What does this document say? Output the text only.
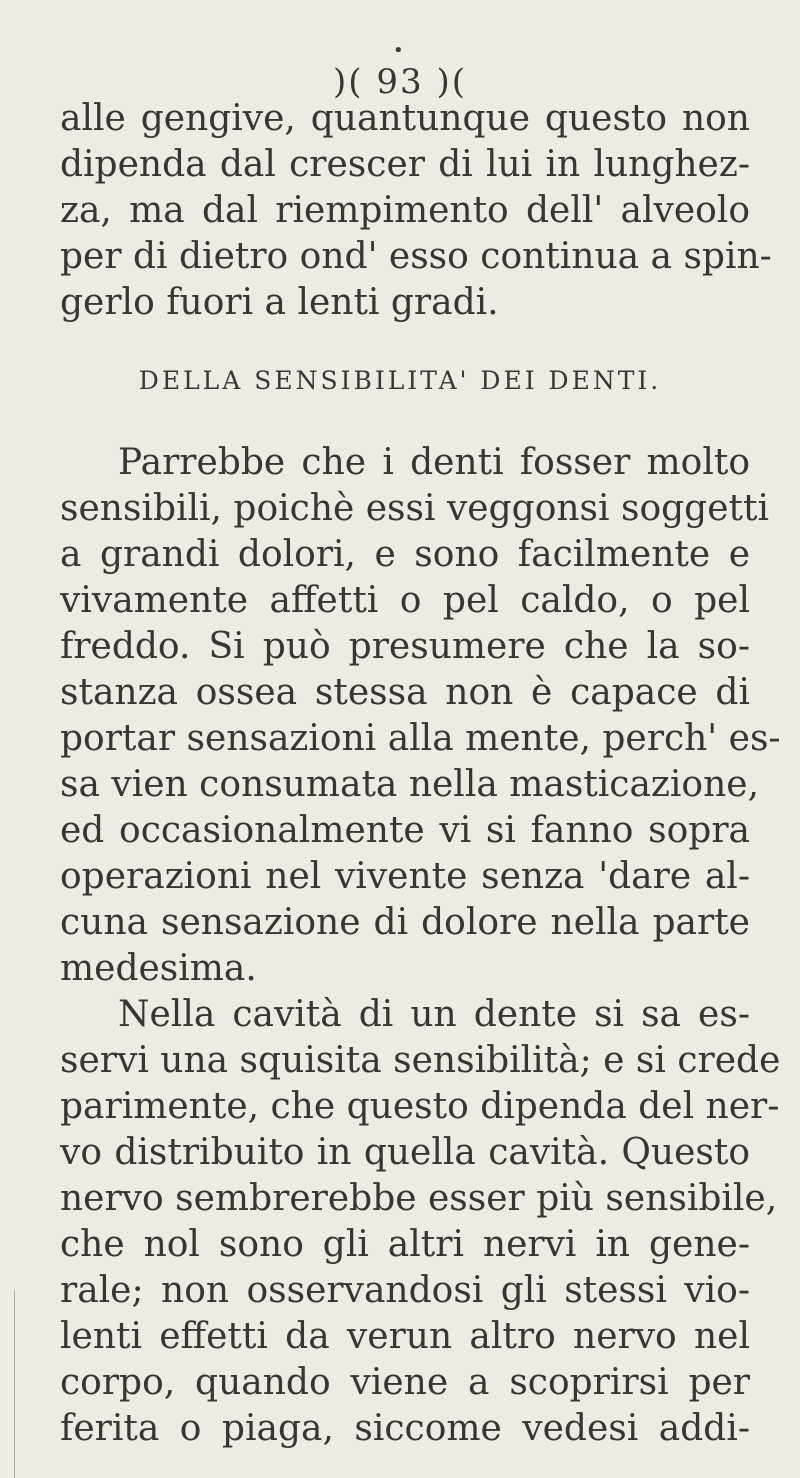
•
)( 93 )(
alle gengive, quantunque questo non
dipenda dal crescer di lui in lunghez-
za, ma dal riempimento dell' alveolo
per di dietro ond' esso continua a spin-
gerlo fuori a lenti gradi.
DELLA SENSIBILITA' DEI DENTI.
Parrebbe che i denti fosser molto
sensibili, poichè essi veggonsi soggetti
a grandi dolori, e sono facilmente e
vivamente affetti o pel caldo, o pel
freddo. Si può presumere che la so-
stanza ossea stessa non è capace di
portar sensazioni alla mente, perch' es-
sa vien consumata nella masticazione,
ed occasionalmente vi si fanno sopra
operazioni nel vivente senza 'dare al-
cuna sensazione di dolore nella parte
medesima.
Nella cavità di un dente si sa es-
servi una squisita sensibilità; e si crede
parimente, che questo dipenda del ner-
vo distribuito in quella cavità. Questo
nervo sembrerebbe esser più sensibile,
che nol sono gli altri nervi in gene-
rale; non osservandosi gli stessi vio-
lenti effetti da verun altro nervo nel
corpo, quando viene a scoprirsi per
ferita o piaga, siccome vedesi addi-
